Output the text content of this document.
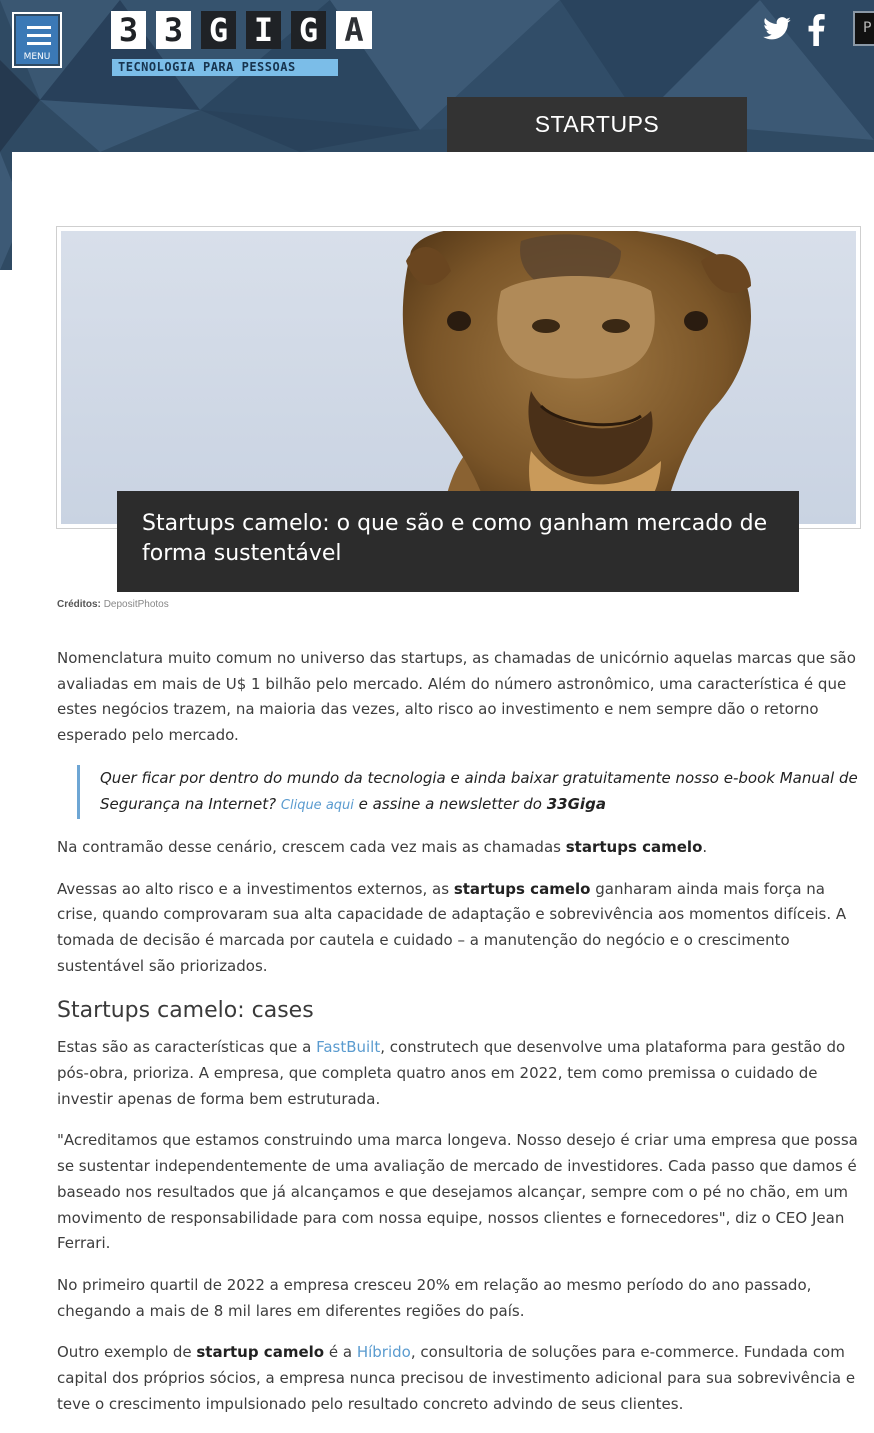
MENU
3 3 G I G A
TECNOLOGIA PARA PESSOAS
P
STARTUPS
Startups camelo: o que são e como ganham mercado de forma sustentável
Créditos: DepositPhotos

Nomenclatura muito comum no universo das startups, as chamadas de unicórnio aquelas marcas que são avaliadas em mais de U$ 1 bilhão pelo mercado. Além do número astronômico, uma característica é que estes negócios trazem, na maioria das vezes, alto risco ao investimento e nem sempre dão o retorno esperado pelo mercado.

Quer ficar por dentro do mundo da tecnologia e ainda baixar gratuitamente nosso e-book Manual de Segurança na Internet? Clique aqui e assine a newsletter do 33Giga

Na contramão desse cenário, crescem cada vez mais as chamadas startups camelo.

Avessas ao alto risco e a investimentos externos, as startups camelo ganharam ainda mais força na crise, quando comprovaram sua alta capacidade de adaptação e sobrevivência aos momentos difíceis. A tomada de decisão é marcada por cautela e cuidado – a manutenção do negócio e o crescimento sustentável são priorizados.

Startups camelo: cases

Estas são as características que a FastBuilt, construtech que desenvolve uma plataforma para gestão do pós-obra, prioriza. A empresa, que completa quatro anos em 2022, tem como premissa o cuidado de investir apenas de forma bem estruturada.

"Acreditamos que estamos construindo uma marca longeva. Nosso desejo é criar uma empresa que possa se sustentar independentemente de uma avaliação de mercado de investidores. Cada passo que damos é baseado nos resultados que já alcançamos e que desejamos alcançar, sempre com o pé no chão, em um movimento de responsabilidade para com nossa equipe, nossos clientes e fornecedores", diz o CEO Jean Ferrari.

No primeiro quartil de 2022 a empresa cresceu 20% em relação ao mesmo período do ano passado, chegando a mais de 8 mil lares em diferentes regiões do país.

Outro exemplo de startup camelo é a Híbrido, consultoria de soluções para e-commerce. Fundada com capital dos próprios sócios, a empresa nunca precisou de investimento adicional para sua sobrevivência e teve o crescimento impulsionado pelo resultado concreto advindo de seus clientes.
